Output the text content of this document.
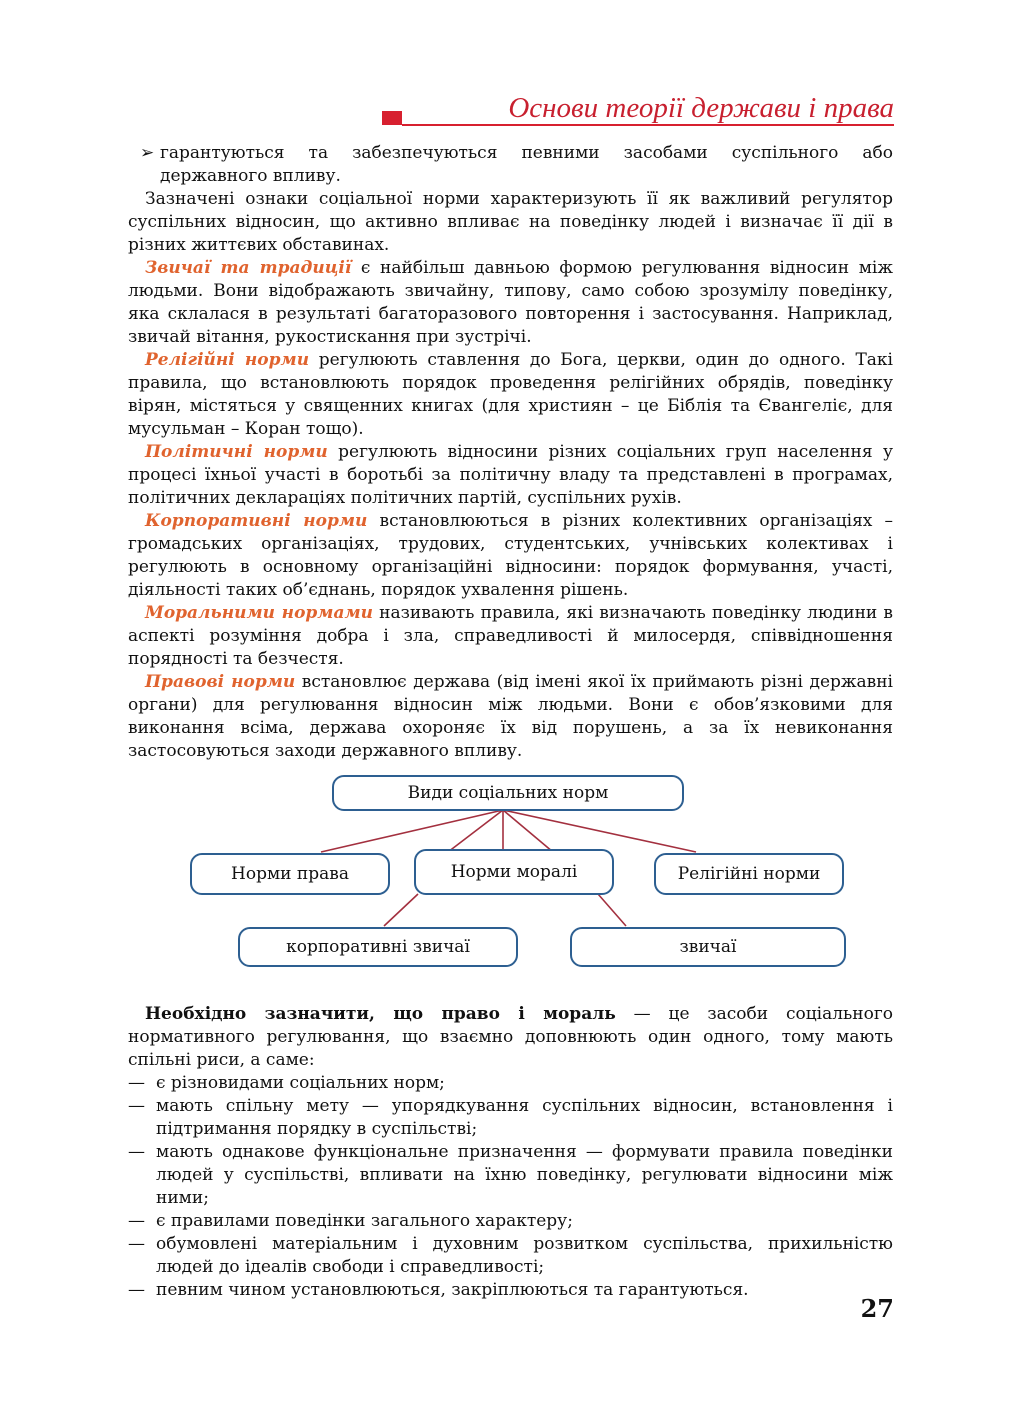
Основи теорії держави і права
➢ гарантуються та забезпечуються певними засобами суспільного або державного впливу.

Зазначені ознаки соціальної норми характеризують її як важливий регулятор суспільних відносин, що активно впливає на поведінку людей і визначає її дії в різних життєвих обставинах.

Звичаї та традиції є найбільш давньою формою регулювання відносин між людьми. Вони відображають звичайну, типову, само собою зрозумілу поведінку, яка склалася в результаті багаторазового повторення і застосування. Наприклад, звичай вітання, рукостискання при зустрічі.

Релігійні норми регулюють ставлення до Бога, церкви, один до одного. Такі правила, що встановлюють порядок проведення релігійних обрядів, поведінку вірян, містяться у священних книгах (для християн – це Біблія та Євангеліє, для мусульман – Коран тощо).

Політичні норми регулюють відносини різних соціальних груп населення у процесі їхньої участі в боротьбі за політичну владу та представлені в програмах, політичних деклараціях політичних партій, суспільних рухів.

Корпоративні норми встановлюються в різних колективних організаціях – громадських організаціях, трудових, студентських, учнівських колективах і регулюють в основному організаційні відносини: порядок формування, участі, діяльності таких об’єднань, порядок ухвалення рішень.

Моральними нормами називають правила, які визначають поведінку людини в аспекті розуміння добра і зла, справедливості й милосердя, співвідношення порядності та безчестя.

Правові норми встановлює держава (від імені якої їх приймають різні державні органи) для регулювання відносин між людьми. Вони є обов’язковими для виконання всіма, держава охороняє їх від порушень, а за їх невиконання застосовуються заходи державного впливу.

Види соціальних норм
Норми права	Норми моралі	Релігійні норми
корпоративні звичаї	звичаї

Необхідно зазначити, що право і мораль — це засоби соціального нормативного регулювання, що взаємно доповнюють один одного, тому мають спільні риси, а саме:

— є різновидами соціальних норм;
— мають спільну мету — упорядкування суспільних відносин, встановлення і підтримання порядку в суспільстві;
— мають однакове функціональне призначення — формувати правила поведінки людей у суспільстві, впливати на їхню поведінку, регулювати відносини між ними;
— є правилами поведінки загального характеру;
— обумовлені матеріальним і духовним розвитком суспільства, прихильністю людей до ідеалів свободи і справедливості;
— певним чином установлюються, закріплюються та гарантуються.
27
